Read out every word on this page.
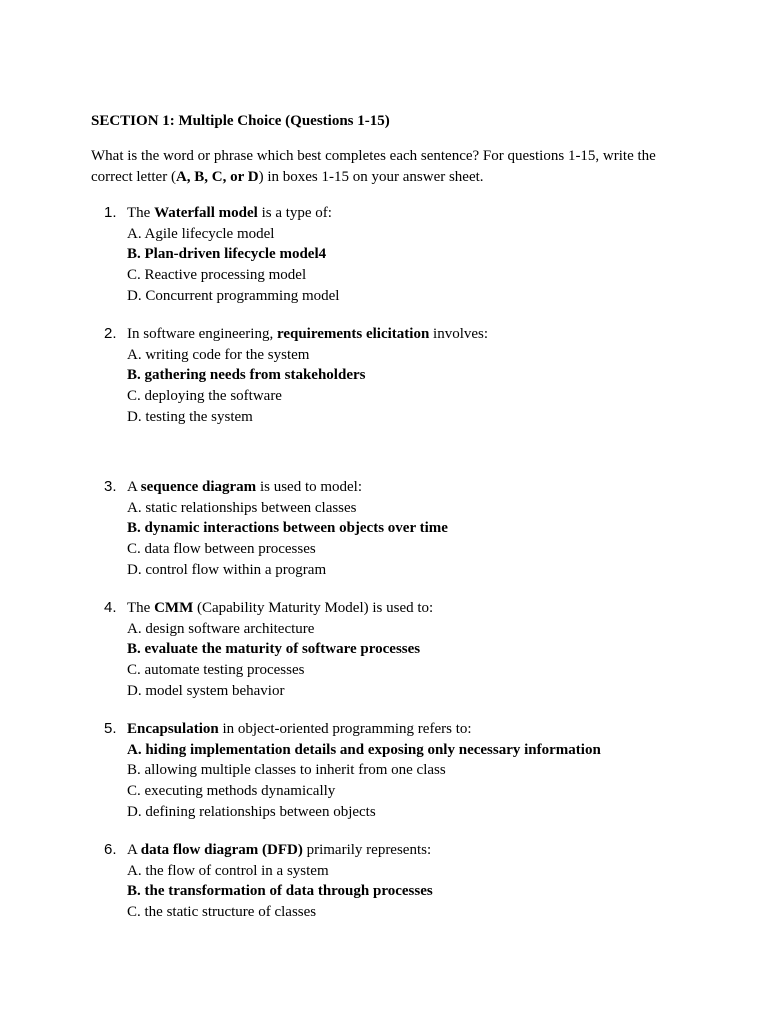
SECTION 1: Multiple Choice (Questions 1-15)
What is the word or phrase which best completes each sentence? For questions 1-15, write the correct letter (A, B, C, or D) in boxes 1-15 on your answer sheet.
1. The Waterfall model is a type of:
A. Agile lifecycle model
B. Plan-driven lifecycle model4
C. Reactive processing model
D. Concurrent programming model
2. In software engineering, requirements elicitation involves:
A. writing code for the system
B. gathering needs from stakeholders
C. deploying the software
D. testing the system
3. A sequence diagram is used to model:
A. static relationships between classes
B. dynamic interactions between objects over time
C. data flow between processes
D. control flow within a program
4. The CMM (Capability Maturity Model) is used to:
A. design software architecture
B. evaluate the maturity of software processes
C. automate testing processes
D. model system behavior
5. Encapsulation in object-oriented programming refers to:
A. hiding implementation details and exposing only necessary information
B. allowing multiple classes to inherit from one class
C. executing methods dynamically
D. defining relationships between objects
6. A data flow diagram (DFD) primarily represents:
A. the flow of control in a system
B. the transformation of data through processes
C. the static structure of classes
